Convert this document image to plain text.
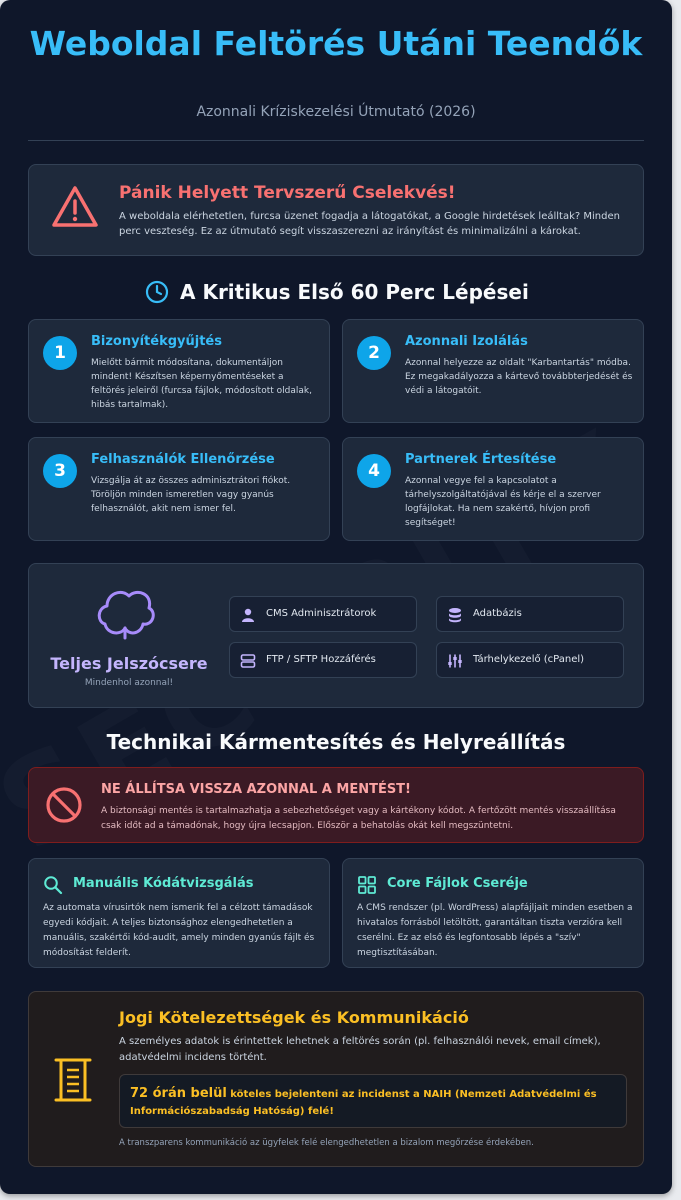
Weboldal Feltörés Utáni Teendők
Azonnali Kríziskezelési Útmutató (2026)
Pánik Helyett Tervszerű Cselekvés!
A weboldala elérhetetlen, furcsa üzenet fogadja a látogatókat, a Google hirdetések leálltak? Minden perc veszteség. Ez az útmutató segít visszaszerezni az irányítást és minimalizálni a károkat.
A Kritikus Első 60 Perc Lépései
1
Bizonyítékgyűjtés
Mielőtt bármit módosítana, dokumentáljon mindent! Készítsen képernyőmentéseket a feltörés jeleiről (furcsa fájlok, módosított oldalak, hibás tartalmak).
2
Azonnali Izolálás
Azonnal helyezze az oldalt "Karbantartás" módba. Ez megakadályozza a kártevő továbbterjedését és védi a látogatóit.
3
Felhasználók Ellenőrzése
Vizsgálja át az összes adminisztrátori fiókot. Töröljön minden ismeretlen vagy gyanús felhasználót, akit nem ismer fel.
4
Partnerek Értesítése
Azonnal vegye fel a kapcsolatot a tárhelyszolgáltatójával és kérje el a szerver logfájlokat. Ha nem szakértő, hívjon profi segítséget!
Teljes Jelszócsere
Mindenhol azonnal!
CMS Adminisztrátorok	Adatbázis
FTP / SFTP Hozzáférés	Tárhelykezelő (cPanel)
Technikai Kármentesítés és Helyreállítás
NE ÁLLÍTSA VISSZA AZONNAL A MENTÉST!
A biztonsági mentés is tartalmazhatja a sebezhetőséget vagy a kártékony kódot. A fertőzött mentés visszaállítása csak időt ad a támadónak, hogy újra lecsapjon. Először a behatolás okát kell megszüntetni.
Manuális Kódátvizsgálás
Az automata vírusirtók nem ismerik fel a célzott támadások egyedi kódjait. A teljes biztonsághoz elengedhetetlen a manuális, szakértői kód-audit, amely minden gyanús fájlt és módosítást felderít.
Core Fájlok Cseréje
A CMS rendszer (pl. WordPress) alapfájljait minden esetben a hivatalos forrásból letöltött, garantáltan tiszta verzióra kell cserélni. Ez az első és legfontosabb lépés a "szív" megtisztításában.
Jogi Kötelezettségek és Kommunikáció
A személyes adatok is érintettek lehetnek a feltörés során (pl. felhasználói nevek, email címek), adatvédelmi incidens történt.
72 órán belül köteles bejelenteni az incidenst a NAIH (Nemzeti Adatvédelmi és Információszabadság Hatóság) felé!
A transzparens kommunikáció az ügyfelek felé elengedhetetlen a bizalom megőrzése érdekében.
